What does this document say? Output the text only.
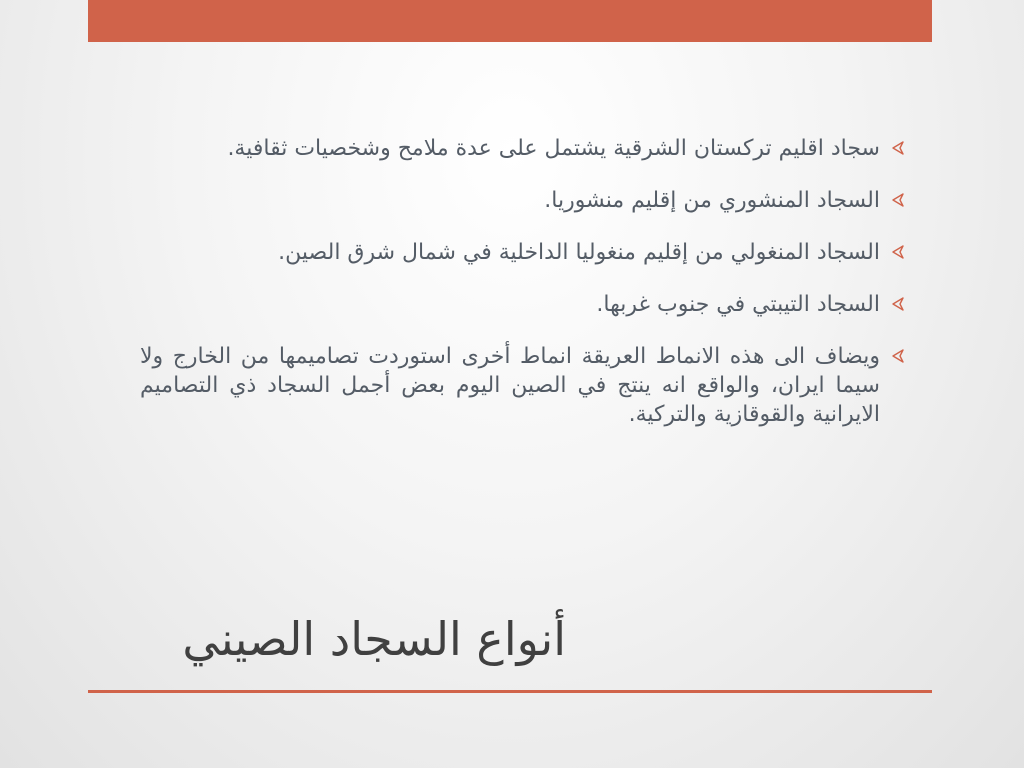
سجاد اقليم تركستان الشرقية يشتمل على عدة ملامح وشخصيات ثقافية.
السجاد المنشوري من إقليم منشوريا.
السجاد المنغولي من إقليم منغوليا الداخلية في شمال شرق الصين.
السجاد التيبتي في جنوب غربها.
ويضاف الى هذه الانماط العريقة انماط أخرى استوردت تصاميمها من الخارج ولا سيما ايران، والواقع انه ينتج في الصين اليوم بعض أجمل السجاد ذي التصاميم الايرانية والقوقازية والتركية.
أنواع السجاد الصيني
